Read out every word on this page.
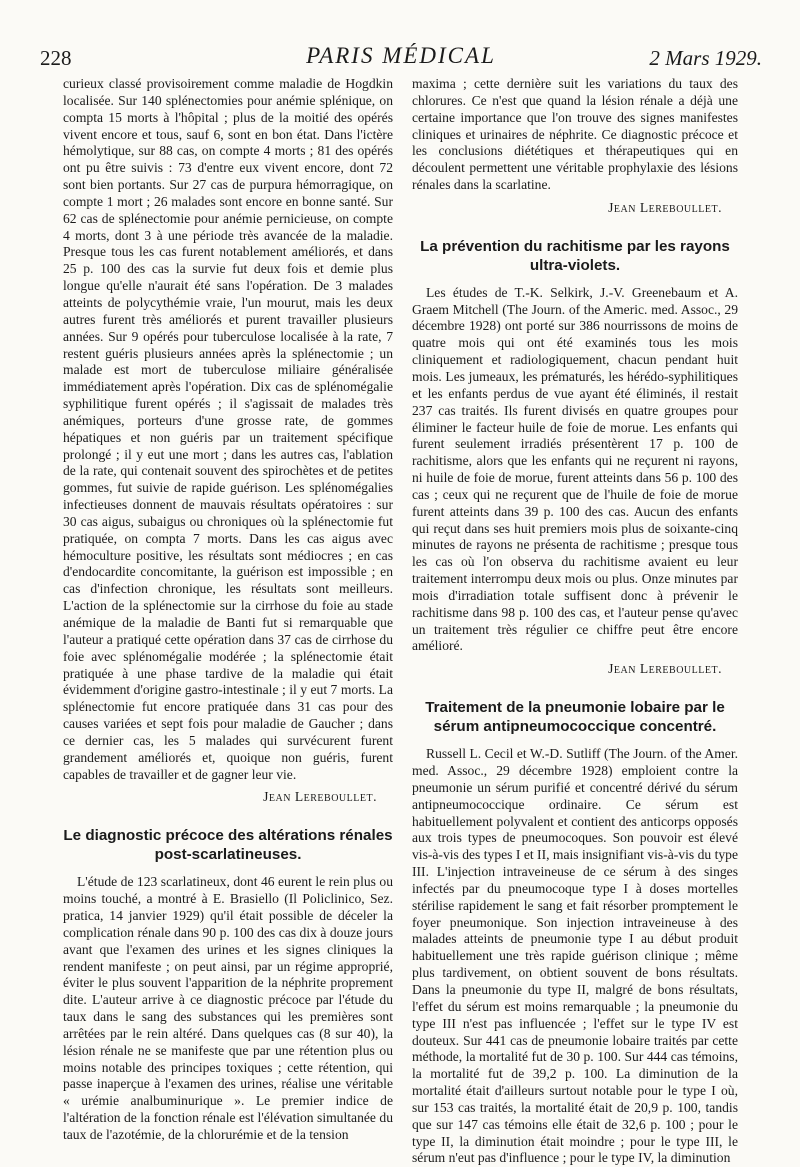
228	PARIS MÉDICAL	2 Mars 1929.

curieux classé provisoirement comme maladie de Hogdkin localisée. Sur 140 splénectomies pour anémie splénique, on compta 15 morts à l'hôpital ; plus de la moitié des opérés vivent encore et tous, sauf 6, sont en bon état. Dans l'ictère hémolytique, sur 88 cas, on compte 4 morts ; 81 des opérés ont pu être suivis : 73 d'entre eux vivent encore, dont 72 sont bien portants. Sur 27 cas de purpura hémorragique, on compte 1 mort ; 26 malades sont encore en bonne santé. Sur 62 cas de splénectomie pour anémie pernicieuse, on compte 4 morts, dont 3 à une période très avancée de la maladie. Presque tous les cas furent notablement améliorés, et dans 25 p. 100 des cas la survie fut deux fois et demie plus longue qu'elle n'aurait été sans l'opération. De 3 malades atteints de polycythémie vraie, l'un mourut, mais les deux autres furent très améliorés et purent travailler plusieurs années. Sur 9 opérés pour tuberculose localisée à la rate, 7 restent guéris plusieurs années après la splénectomie ; un malade est mort de tuberculose miliaire généralisée immédiatement après l'opération. Dix cas de splénomégalie syphilitique furent opérés ; il s'agissait de malades très anémiques, porteurs d'une grosse rate, de gommes hépatiques et non guéris par un traitement spécifique prolongé ; il y eut une mort ; dans les autres cas, l'ablation de la rate, qui contenait souvent des spirochètes et de petites gommes, fut suivie de rapide guérison. Les splénomégalies infectieuses donnent de mauvais résultats opératoires : sur 30 cas aigus, subaigus ou chroniques où la splénectomie fut pratiquée, on compta 7 morts. Dans les cas aigus avec hémoculture positive, les résultats sont médiocres ; en cas d'endocardite concomitante, la guérison est impossible ; en cas d'infection chronique, les résultats sont meilleurs. L'action de la splénectomie sur la cirrhose du foie au stade anémique de la maladie de Banti fut si remarquable que l'auteur a pratiqué cette opération dans 37 cas de cirrhose du foie avec splénomégalie modérée ; la splénectomie était pratiquée à une phase tardive de la maladie qui était évidemment d'origine gastro-intestinale ; il y eut 7 morts. La splénectomie fut encore pratiquée dans 31 cas pour des causes variées et sept fois pour maladie de Gaucher ; dans ce dernier cas, les 5 malades qui survécurent furent grandement améliorés et, quoique non guéris, furent capables de travailler et de gagner leur vie.

Jean Lereboullet.
Le diagnostic précoce des altérations rénales post-scarlatineuses.

L'étude de 123 scarlatineux, dont 46 eurent le rein plus ou moins touché, a montré à E. Brasiello (Il Policlinico, Sez. pratica, 14 janvier 1929) qu'il était possible de déceler la complication rénale dans 90 p. 100 des cas dix à douze jours avant que l'examen des urines et les signes cliniques la rendent manifeste ; on peut ainsi, par un régime approprié, éviter le plus souvent l'apparition de la néphrite proprement dite. L'auteur arrive à ce diagnostic précoce par l'étude du taux dans le sang des substances qui les premières sont arrêtées par le rein altéré. Dans quelques cas (8 sur 40), la lésion rénale ne se manifeste que par une rétention plus ou moins notable des principes toxiques ; cette rétention, qui passe inaperçue à l'examen des urines, réalise une véritable « urémie analbuminurique ». Le premier indice de l'altération de la fonction rénale est l'élévation simultanée du taux de l'azotémie, de la chlorurémie et de la tension

maxima ; cette dernière suit les variations du taux des chlorures. Ce n'est que quand la lésion rénale a déjà une certaine importance que l'on trouve des signes manifestes cliniques et urinaires de néphrite. Ce diagnostic précoce et les conclusions diététiques et thérapeutiques qui en découlent permettent une véritable prophylaxie des lésions rénales dans la scarlatine.

Jean Lereboullet.
La prévention du rachitisme par les rayons ultra-violets.

Les études de T.-K. Selkirk, J.-V. Greenebaum et A. Graem Mitchell (The Journ. of the Americ. med. Assoc., 29 décembre 1928) ont porté sur 386 nourrissons de moins de quatre mois qui ont été examinés tous les mois cliniquement et radiologiquement, chacun pendant huit mois. Les jumeaux, les prématurés, les hérédo-syphilitiques et les enfants perdus de vue ayant été éliminés, il restait 237 cas traités. Ils furent divisés en quatre groupes pour éliminer le facteur huile de foie de morue. Les enfants qui furent seulement irradiés présentèrent 17 p. 100 de rachitisme, alors que les enfants qui ne reçurent ni rayons, ni huile de foie de morue, furent atteints dans 56 p. 100 des cas ; ceux qui ne reçurent que de l'huile de foie de morue furent atteints dans 39 p. 100 des cas. Aucun des enfants qui reçut dans ses huit premiers mois plus de soixante-cinq minutes de rayons ne présenta de rachitisme ; presque tous les cas où l'on observa du rachitisme avaient eu leur traitement interrompu deux mois ou plus. Onze minutes par mois d'irradiation totale suffisent donc à prévenir le rachitisme dans 98 p. 100 des cas, et l'auteur pense qu'avec un traitement très régulier ce chiffre peut être encore amélioré.

Jean Lereboullet.
Traitement de la pneumonie lobaire par le sérum antipneumococcique concentré.

Russell L. Cecil et W.-D. Sutliff (The Journ. of the Amer. med. Assoc., 29 décembre 1928) emploient contre la pneumonie un sérum purifié et concentré dérivé du sérum antipneumococcique ordinaire. Ce sérum est habituellement polyvalent et contient des anticorps opposés aux trois types de pneumocoques. Son pouvoir est élevé vis-à-vis des types I et II, mais insignifiant vis-à-vis du type III. L'injection intraveineuse de ce sérum à des singes infectés par du pneumocoque type I à doses mortelles stérilise rapidement le sang et fait résorber promptement le foyer pneumonique. Son injection intraveineuse à des malades atteints de pneumonie type I au début produit habituellement une très rapide guérison clinique ; même plus tardivement, on obtient souvent de bons résultats. Dans la pneumonie du type II, malgré de bons résultats, l'effet du sérum est moins remarquable ; la pneumonie du type III n'est pas influencée ; l'effet sur le type IV est douteux. Sur 441 cas de pneumonie lobaire traités par cette méthode, la mortalité fut de 30 p. 100. Sur 444 cas témoins, la mortalité fut de 39,2 p. 100. La diminution de la mortalité était d'ailleurs surtout notable pour le type I où, sur 153 cas traités, la mortalité était de 20,9 p. 100, tandis que sur 147 cas témoins elle était de 32,6 p. 100 ; pour le type II, la diminution était moindre ; pour le type III, le sérum n'eut pas d'influence ; pour le type IV, la diminution
